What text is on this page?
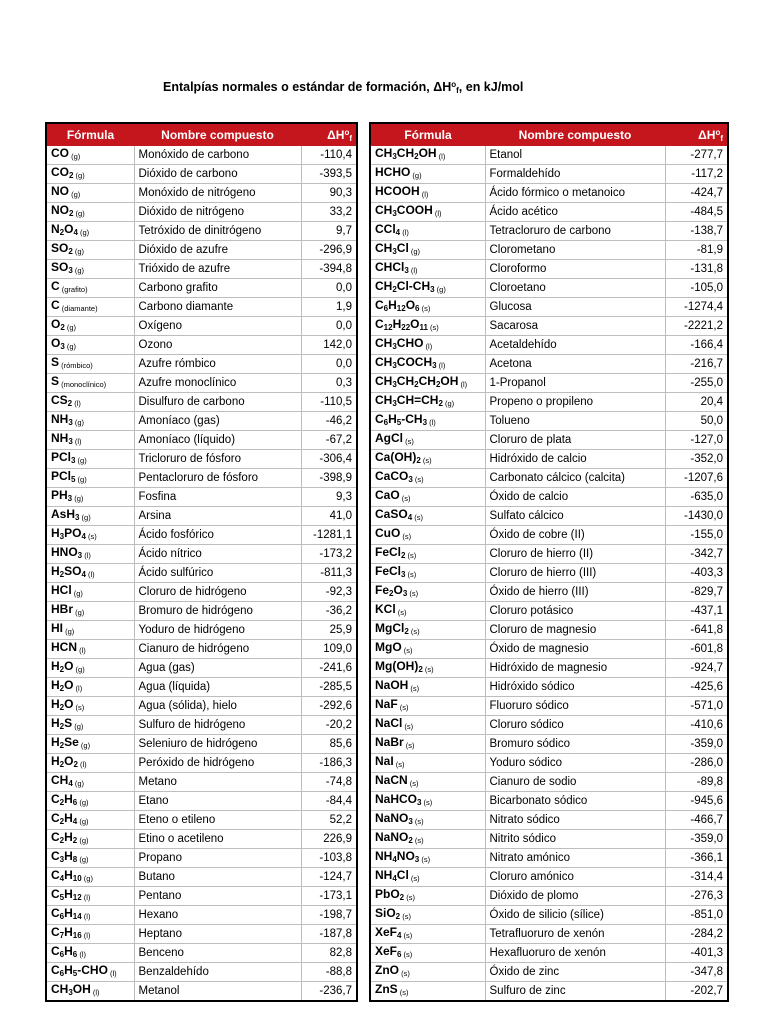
Entalpías normales o estándar de formación, $\Delta H^o_f$, en kJ/mol
Fórmula	Nombre compuesto	$\Delta H^o_f$
CO (g)	Monóxido de carbono	-110,4
$CO_2$ (g)	Dióxido de carbono	-393,5
NO (g)	Monóxido de nitrógeno	90,3
$NO_2$ (g)	Dióxido de nitrógeno	33,2
$N_2O_4$ (g)	Tetróxido de dinitrógeno	9,7
$SO_2$ (g)	Dióxido de azufre	-296,9
$SO_3$ (g)	Trióxido de azufre	-394,8
C (grafito)	Carbono grafito	0,0
C (diamante)	Carbono diamante	1,9
$O_2$ (g)	Oxígeno	0,0
$O_3$ (g)	Ozono	142,0
S (rómbico)	Azufre rómbico	0,0
S (monoclínico)	Azufre monoclínico	0,3
$CS_2$ (l)	Disulfuro de carbono	-110,5
$NH_3$ (g)	Amoníaco (gas)	-46,2
$NH_3$ (l)	Amoníaco (líquido)	-67,2
PCl$_3$ (g)	Tricloruro de fósforo	-306,4
PCl$_5$ (g)	Pentacloruro de fósforo	-398,9
$PH_3$ (g)	Fosfina	9,3
AsH$_3$ (g)	Arsina	41,0
$H_3PO_4$ (s)	Ácido fosfórico	-1281,1
$HNO_3$ (l)	Ácido nítrico	-173,2
$H_2SO_4$ (l)	Ácido sulfúrico	-811,3
HCl (g)	Cloruro de hidrógeno	-92,3
HBr (g)	Bromuro de hidrógeno	-36,2
HI (g)	Yoduro de hidrógeno	25,9
HCN (l)	Cianuro de hidrógeno	109,0
$H_2O$ (g)	Agua (gas)	-241,6
$H_2O$ (l)	Agua (líquida)	-285,5
$H_2O$ (s)	Agua (sólida), hielo	-292,6
$H_2S$ (g)	Sulfuro de hidrógeno	-20,2
$H_2Se$ (g)	Seleniuro de hidrógeno	85,6
$H_2O_2$ (l)	Peróxido de hidrógeno	-186,3
$CH_4$ (g)	Metano	-74,8
$C_2H_6$ (g)	Etano	-84,4
$C_2H_4$ (g)	Eteno o etileno	52,2
$C_2H_2$ (g)	Etino o acetileno	226,9
$C_3H_8$ (g)	Propano	-103,8
$C_4H_{10}$ (g)	Butano	-124,7
$C_5H_{12}$ (l)	Pentano	-173,1
$C_6H_{14}$ (l)	Hexano	-198,7
$C_7H_{16}$ (l)	Heptano	-187,8
$C_6H_6$ (l)	Benceno	82,8
$C_6H_5$-CHO (l)	Benzaldehído	-88,8
$CH_3OH$ (l)	Metanol	-236,7
Fórmula	Nombre compuesto	$\Delta H^o_f$
$CH_3CH_2OH$ (l)	Etanol	-277,7
HCHO (g)	Formaldehído	-117,2
HCOOH (l)	Ácido fórmico o metanoico	-424,7
$CH_3COOH$ (l)	Ácido acético	-484,5
CCl$_4$ (l)	Tetracloruro de carbono	-138,7
$CH_3Cl$ (g)	Clorometano	-81,9
CHCl$_3$ (l)	Cloroformo	-131,8
$CH_2Cl-CH_3$ (g)	Cloroetano	-105,0
$C_6H_{12}O_6$ (s)	Glucosa	-1274,4
$C_{12}H_{22}O_{11}$ (s)	Sacarosa	-2221,2
$CH_3CHO$ (l)	Acetaldehído	-166,4
$CH_3COCH_3$ (l)	Acetona	-216,7
$CH_3CH_2CH_2OH$ (l)	1-Propanol	-255,0
$CH_3CH=CH_2$ (g)	Propeno o propileno	20,4
$C_6H_5-CH_3$ (l)	Tolueno	50,0
AgCl (s)	Cloruro de plata	-127,0
$Ca(OH)_2$ (s)	Hidróxido de calcio	-352,0
CaCO$_3$ (s)	Carbonato cálcico (calcita)	-1207,6
CaO (s)	Óxido de calcio	-635,0
CaSO$_4$ (s)	Sulfato cálcico	-1430,0
CuO (s)	Óxido de cobre (II)	-155,0
FeCl$_2$ (s)	Cloruro de hierro (II)	-342,7
FeCl$_3$ (s)	Cloruro de hierro (III)	-403,3
$Fe_2O_3$ (s)	Óxido de hierro (III)	-829,7
KCl (s)	Cloruro potásico	-437,1
MgCl$_2$ (s)	Cloruro de magnesio	-641,8
MgO (s)	Óxido de magnesio	-601,8
$Mg(OH)_2$ (s)	Hidróxido de magnesio	-924,7
NaOH (s)	Hidróxido sódico	-425,6
NaF (s)	Fluoruro sódico	-571,0
NaCl (s)	Cloruro sódico	-410,6
NaBr (s)	Bromuro sódico	-359,0
NaI (s)	Yoduro sódico	-286,0
NaCN (s)	Cianuro de sodio	-89,8
NaHCO$_3$ (s)	Bicarbonato sódico	-945,6
NaNO$_3$ (s)	Nitrato sódico	-466,7
NaNO$_2$ (s)	Nitrito sódico	-359,0
$NH_4NO_3$ (s)	Nitrato amónico	-366,1
$NH_4Cl$ (s)	Cloruro amónico	-314,4
PbO$_2$ (s)	Dióxido de plomo	-276,3
SiO$_2$ (s)	Óxido de silicio (sílice)	-851,0
XeF$_4$ (s)	Tetrafluoruro de xenón	-284,2
XeF$_6$ (s)	Hexafluoruro de xenón	-401,3
ZnO (s)	Óxido de zinc	-347,8
ZnS (s)	Sulfuro de zinc	-202,7
